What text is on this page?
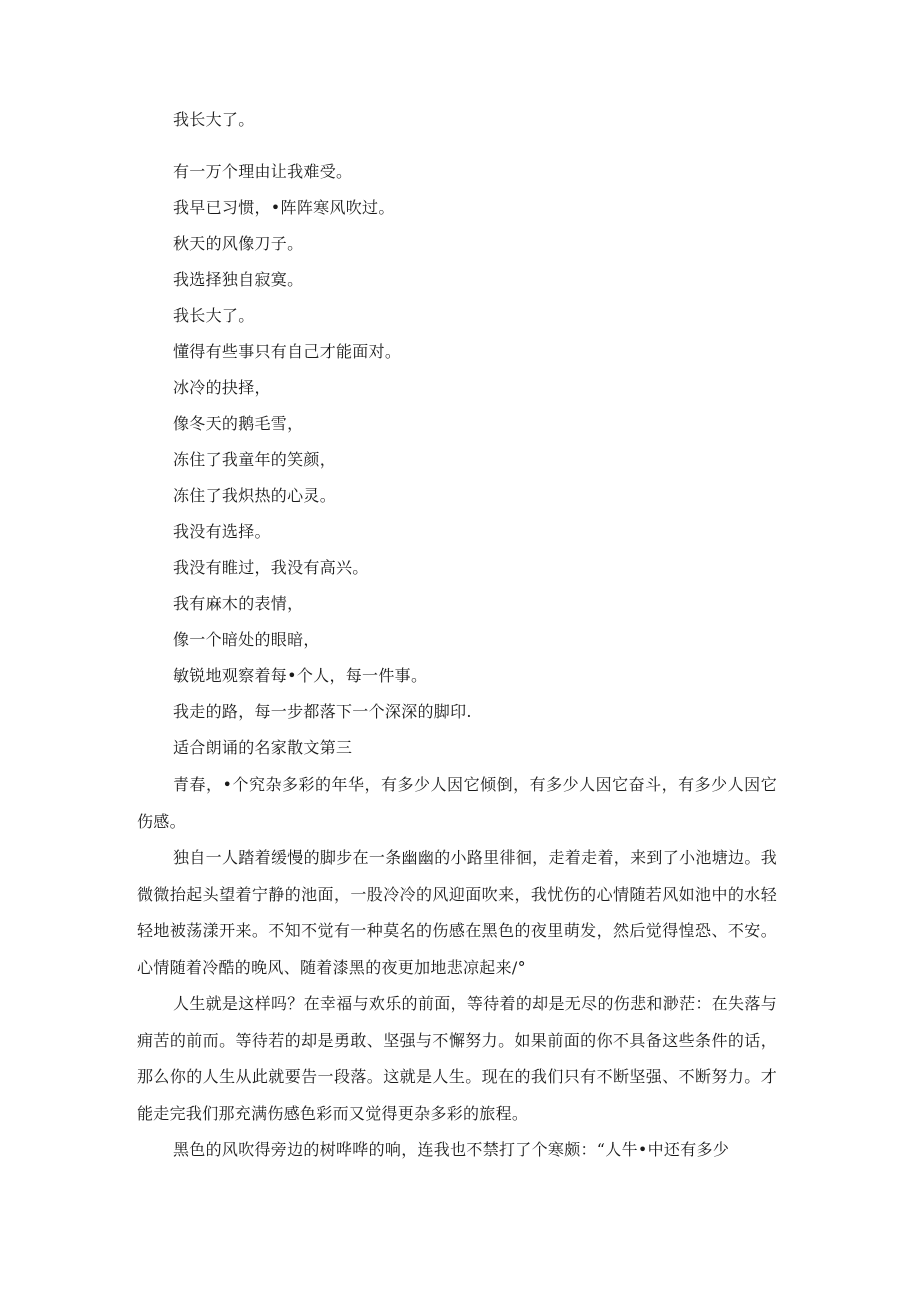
我长大了。
有一万个理由让我难受。
我早已习惯，•阵阵寒风吹过。
秋天的风像刀子。
我选择独自寂寞。
我长大了。
懂得有些事只有自己才能面对。
冰冷的抉择，
像冬天的鹅毛雪，
冻住了我童年的笑颜，
冻住了我炽热的心灵。
我没有选择。
我没有睢过，我没有高兴。
我有麻木的表情，
像一个暗处的眼暗，
敏锐地观察着每•个人，每一件事。
我走的路，每一步都落下一个深深的脚印.
适合朗诵的名家散文第三

青春，•个究杂多彩的年华，有多少人因它倾倒，有多少人因它奋斗，有多少人因它伤感。

独自一人踏着缓慢的脚步在一条幽幽的小路里徘徊，走着走着，来到了小池塘边。我微微抬起头望着宁静的池面，一股冷冷的风迎面吹来，我忧伤的心情随若风如池中的水轻轻地被荡漾开来。不知不觉有一种莫名的伤感在黑色的夜里萌发，然后觉得惶恐、不安。心情随着冷酷的晚风、随着漆黑的夜更加地悲凉起来/°

人生就是这样吗？在幸福与欢乐的前面，等待着的却是无尽的伤悲和渺茫：在失落与痈苦的前而。等待若的却是勇敢、坚强与不懈努力。如果前面的你不具备这些条件的话，那么你的人生从此就要告一段落。这就是人生。现在的我们只有不断坚强、不断努力。才能走完我们那充满伤感色彩而又觉得更杂多彩的旅程。

黑色的风吹得旁边的树哗哗的响，连我也不禁打了个寒颇：“人牛•中还有多少
